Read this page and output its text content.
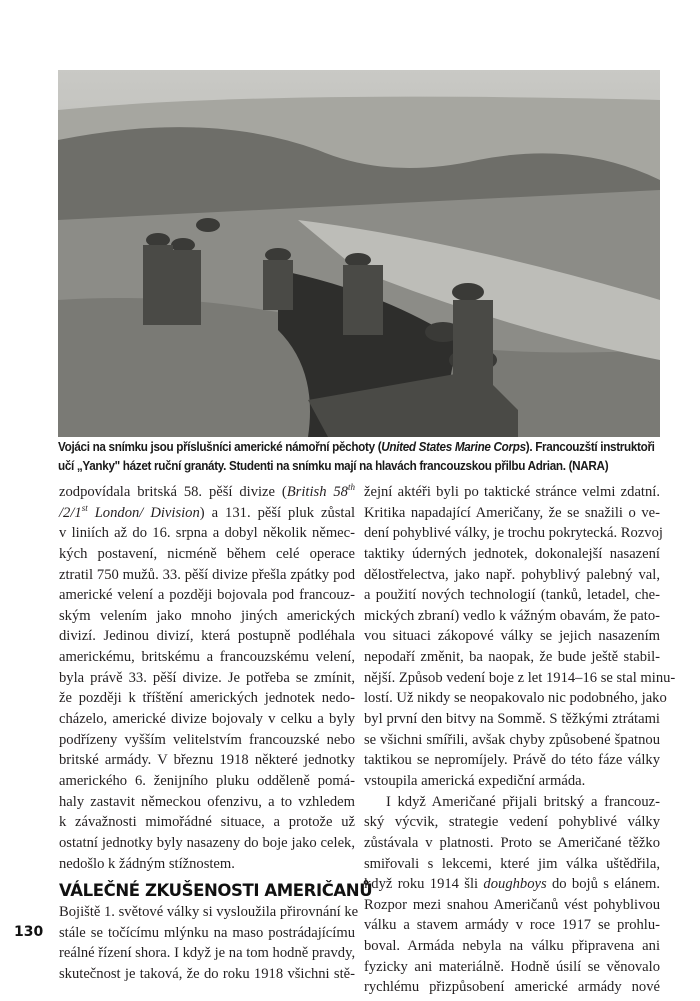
Vojáci na snímku jsou příslušníci americké námořní pěchoty (United States Marine Corps). Francouzští instruktoři
učí „Yanky" házet ruční granáty. Studenti na snímku mají na hlavách francouzskou přilbu Adrian. (NARA)
zodpovídala britská 58. pěší divize (British 58th
/2/1st London/ Division) a 131. pěší pluk zůstal
v liniích až do 16. srpna a dobyl několik němec-
kých postavení, nicméně během celé operace
ztratil 750 mužů. 33. pěší divize přešla zpátky pod
americké velení a později bojovala pod francouz-
ským velením jako mnoho jiných amerických
divizí. Jedinou divizí, která postupně podléhala
americkému, britskému a francouzskému velení,
byla právě 33. pěší divize. Je potřeba se zmínit,
že později k tříštění amerických jednotek nedo-
cházelo, americké divize bojovaly v celku a byly
podřízeny vyšším velitelstvím francouzské nebo
britské armády. V březnu 1918 některé jednotky
amerického 6. ženijního pluku odděleně pomá-
haly zastavit německou ofenzivu, a to vzhledem
k závažnosti mimořádné situace, a protože už
ostatní jednotky byly nasazeny do boje jako celek,
nedošlo k žádným stížnostem.
VÁLEČNÉ ZKUŠENOSTI AMERIČANŮ
Bojiště 1. světové války si vysloužila přirovnání ke
stále se točícímu mlýnku na maso postrádajícímu
reálné řízení shora. I když je na tom hodně pravdy,
skutečnost je taková, že do roku 1918 všichni stě-
žejní aktéři byli po taktické stránce velmi zdatní.
Kritika napadající Američany, že se snažili o ve-
dení pohyblivé války, je trochu pokrytecká. Rozvoj
taktiky úderných jednotek, dokonalejší nasazení
dělostřelectva, jako např. pohyblivý palebný val,
a použití nových technologií (tanků, letadel, che-
mických zbraní) vedlo k vážným obavám, že pato-
vou situaci zákopové války se jejich nasazením
nepodaří změnit, ba naopak, že bude ještě stabil-
nější. Způsob vedení boje z let 1914–16 se stal minu-
lostí. Už nikdy se neopakovalo nic podobného, jako
byl první den bitvy na Sommě. S těžkými ztrátami
se všichni smířili, avšak chyby způsobené špatnou
taktikou se nepromíjely. Právě do této fáze války
vstoupila americká expediční armáda.
I když Američané přijali britský a francouz-
ský výcvik, strategie vedení pohyblivé války
zůstávala v platnosti. Proto se Američané těžko
smiřovali s lekcemi, které jim válka uštědřila,
když roku 1914 šli doughboys do bojů s elánem.
Rozpor mezi snahou Američanů vést pohyblivou
válku a stavem armády v roce 1917 se prohlu-
boval. Armáda nebyla na válku připravena ani
fyzicky ani materiálně. Hodně úsilí se věnovalo
rychlému přizpůsobení americké armády nové
130
